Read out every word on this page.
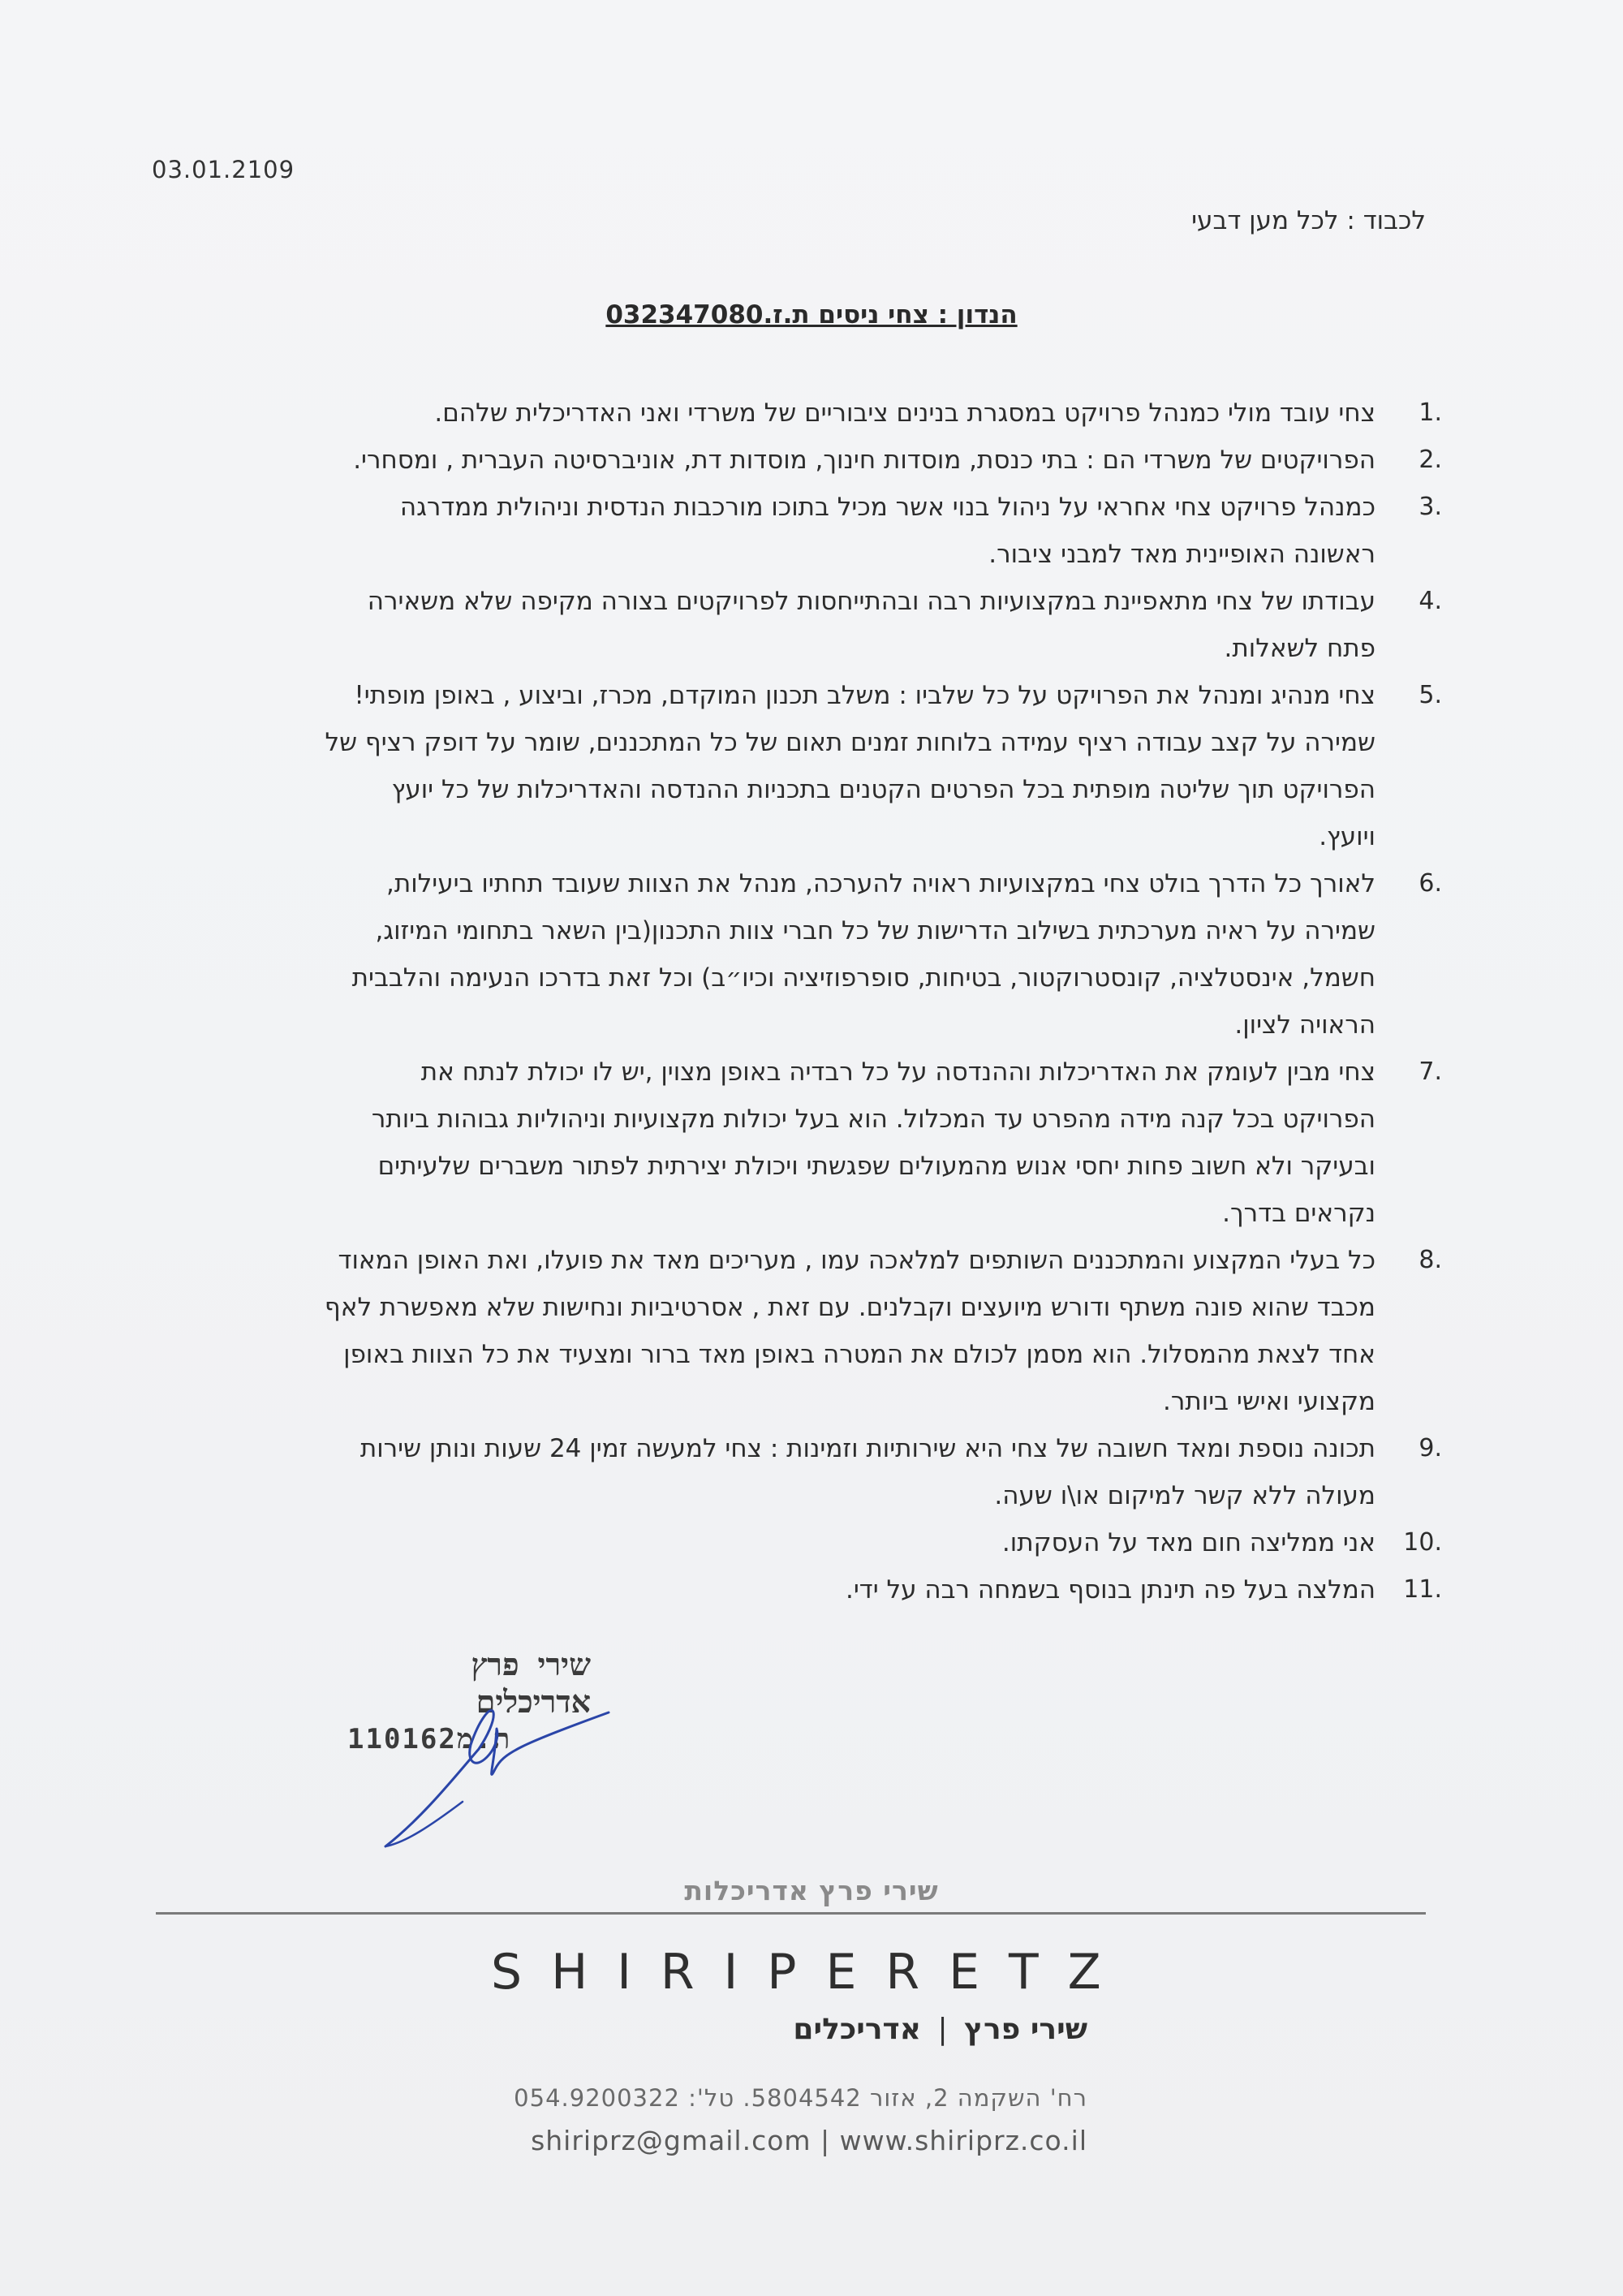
03.01.2109
לכבוד : לכל מען דבעי
הנדון : צחי ניסים ת.ז.032347080
1.
צחי עובד מולי כמנהל פרויקט במסגרת בנינים ציבוריים של משרדי ואני האדריכלית שלהם.
2.
הפרויקטים של משרדי הם : בתי כנסת, מוסדות חינוך, מוסדות דת, אוניברסיטה העברית , ומסחרי.
3.
כמנהל פרויקט צחי אחראי על ניהול בנוי אשר מכיל בתוכו מורכבות הנדסית וניהולית ממדרגה
ראשונה האופיינית מאד למבני ציבור.
4.
עבודתו של צחי מתאפיינת במקצועיות רבה ובהתייחסות לפרויקטים בצורה מקיפה שלא משאירה
פתח לשאלות.
5.
צחי מנהיג ומנהל את הפרויקט על כל שלביו : משלב תכנון המוקדם, מכרז, וביצוע , באופן מופתי!
שמירה על קצב עבודה רציף עמידה בלוחות זמנים תאום של כל המתכננים, שומר על דופק רציף של
הפרויקט תוך שליטה מופתית בכל הפרטים הקטנים בתכניות ההנדסה והאדריכלות של כל יועץ
ויועץ.
6.
לאורך כל הדרך בולט צחי במקצועיות ראויה להערכה, מנהל את הצוות שעובד תחתיו ביעילות,
שמירה על ראיה מערכתית בשילוב הדרישות של כל חברי צוות התכנון(בין השאר בתחומי המיזוג,
חשמל, אינסטלציה, קונסטרוקטור, בטיחות, סופרפוזיציה וכיו״ב) וכל זאת בדרכו הנעימה והלבבית
הראויה לציון.
7.
צחי מבין לעומק את האדריכלות וההנדסה על כל רבדיה באופן מצוין ,יש לו יכולת לנתח את
הפרויקט בכל קנה מידה מהפרט עד המכלול. הוא בעל יכולות מקצועיות וניהוליות גבוהות ביותר
ובעיקר ולא חשוב פחות יחסי אנוש מהמעולים שפגשתי ויכולת יצירתית לפתור משברים שלעיתים
נקראים בדרך.
8.
כל בעלי המקצוע והמתכננים השותפים למלאכה עמו , מעריכים מאד את פועלו, ואת האופן המאוד
מכבד שהוא פונה משתף ודורש מיועצים וקבלנים. עם זאת , אסרטיביות ונחישות שלא מאפשרת לאף
אחד לצאת מהמסלול. הוא מסמן לכולם את המטרה באופן מאד ברור ומצעיד את כל הצוות באופן
מקצועי ואישי ביותר.
9.
תכונה נוספת ומאד חשובה של צחי היא שירותיות וזמינות : צחי למעשה זמין 24 שעות ונותן שירות
מעולה ללא קשר למיקום או\ו שעה.
10.
אני ממליצה חום מאד על העסקתו.
11.
המלצה בעל פה תינתן בנוסף בשמחה רבה על ידי.
שירי פרץ
אדריכלים
110162ת.מ
שירי פרץ אדריכלות
SHIRIPERETZ
שירי פרץ | אדריכלים
רח' השקמה 2, אזור 5804542. טל': 054.9200322
shiriprz@gmail.com | www.shiriprz.co.il
